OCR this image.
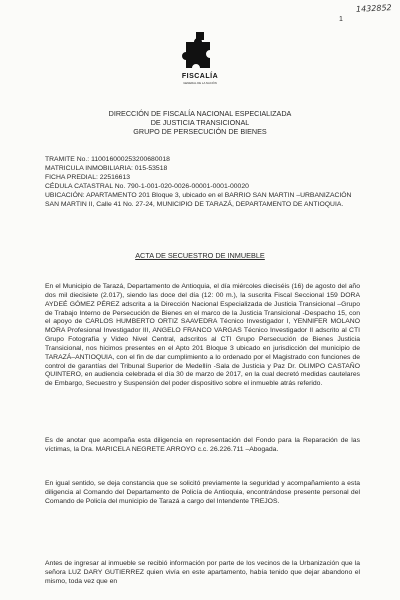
1
1432852
FISCALÍA
GENERAL DE LA NACIÓN
DIRECCIÓN DE FISCALÍA NACIONAL ESPECIALIZADA
DE JUSTICIA TRANSICIONAL
GRUPO DE PERSECUCIÓN DE BIENES
TRAMITE No.: 110016000253200680018
MATRICULA INMOBILIARIA: 015-53518
FICHA PREDIAL: 22516613
CÉDULA CATASTRAL No. 790-1-001-020-0026-00001-0001-00020
UBICACIÓN: APARTAMENTO 201 Bloque 3, ubicado en el BARRIO SAN MARTIN –URBANIZACIÓN SAN MARTIN II, Calle 41 No. 27-24, MUNICIPIO DE TARAZÁ, DEPARTAMENTO DE ANTIOQUIA.
ACTA DE SECUESTRO DE INMUEBLE
En el Municipio de Tarazá, Departamento de Antioquia, el día miércoles dieciséis (16) de agosto del año dos mil diecisiete (2.017), siendo las doce del día (12: 00 m.), la suscrita Fiscal Seccional 159 DORA AYDEÉ GÓMEZ PÉREZ adscrita a la Dirección Nacional Especializada de Justicia Transicional –Grupo de Trabajo Interno de Persecución de Bienes en el marco de la Justicia Transicional -Despacho 15, con el apoyo de CARLOS HUMBERTO ORTIZ SAAVEDRA Técnico Investigador I, YENNIFER MOLANO MORA Profesional Investigador III, ANGELO FRANCO VARGAS Técnico Investigador II adscrito al CTI Grupo Fotografía y Video Nivel Central, adscritos al CTI Grupo Persecución de Bienes Justicia Transicional, nos hicimos presentes en el Apto 201 Bloque 3 ubicado en jurisdicción del municipio de TARAZÁ–ANTIOQUIA, con el fin de dar cumplimiento a lo ordenado por el Magistrado con funciones de control de garantías del Tribunal Superior de Medellín -Sala de Justicia y Paz Dr. OLIMPO CASTAÑO QUINTERO, en audiencia celebrada el día 30 de marzo de 2017, en la cual decretó medidas cautelares de Embargo, Secuestro y Suspensión del poder dispositivo sobre el inmueble atrás referido.
Es de anotar que acompaña esta diligencia en representación del Fondo para la Reparación de las víctimas, la Dra. MARICELA NEGRETE ARROYO c.c. 26.226.711 –Abogada.
En igual sentido, se deja constancia que se solicitó previamente la seguridad y acompañamiento a esta diligencia al Comando del Departamento de Policía de Antioquia, encontrándose presente personal del Comando de Policía del municipio de Tarazá a cargo del Intendente TREJOS.
Antes de ingresar al inmueble se recibió información por parte de los vecinos de la Urbanización que la señora LUZ DARY GUTIERREZ quien vivía en este apartamento, había tenido que dejar abandono el mismo, toda vez que en
